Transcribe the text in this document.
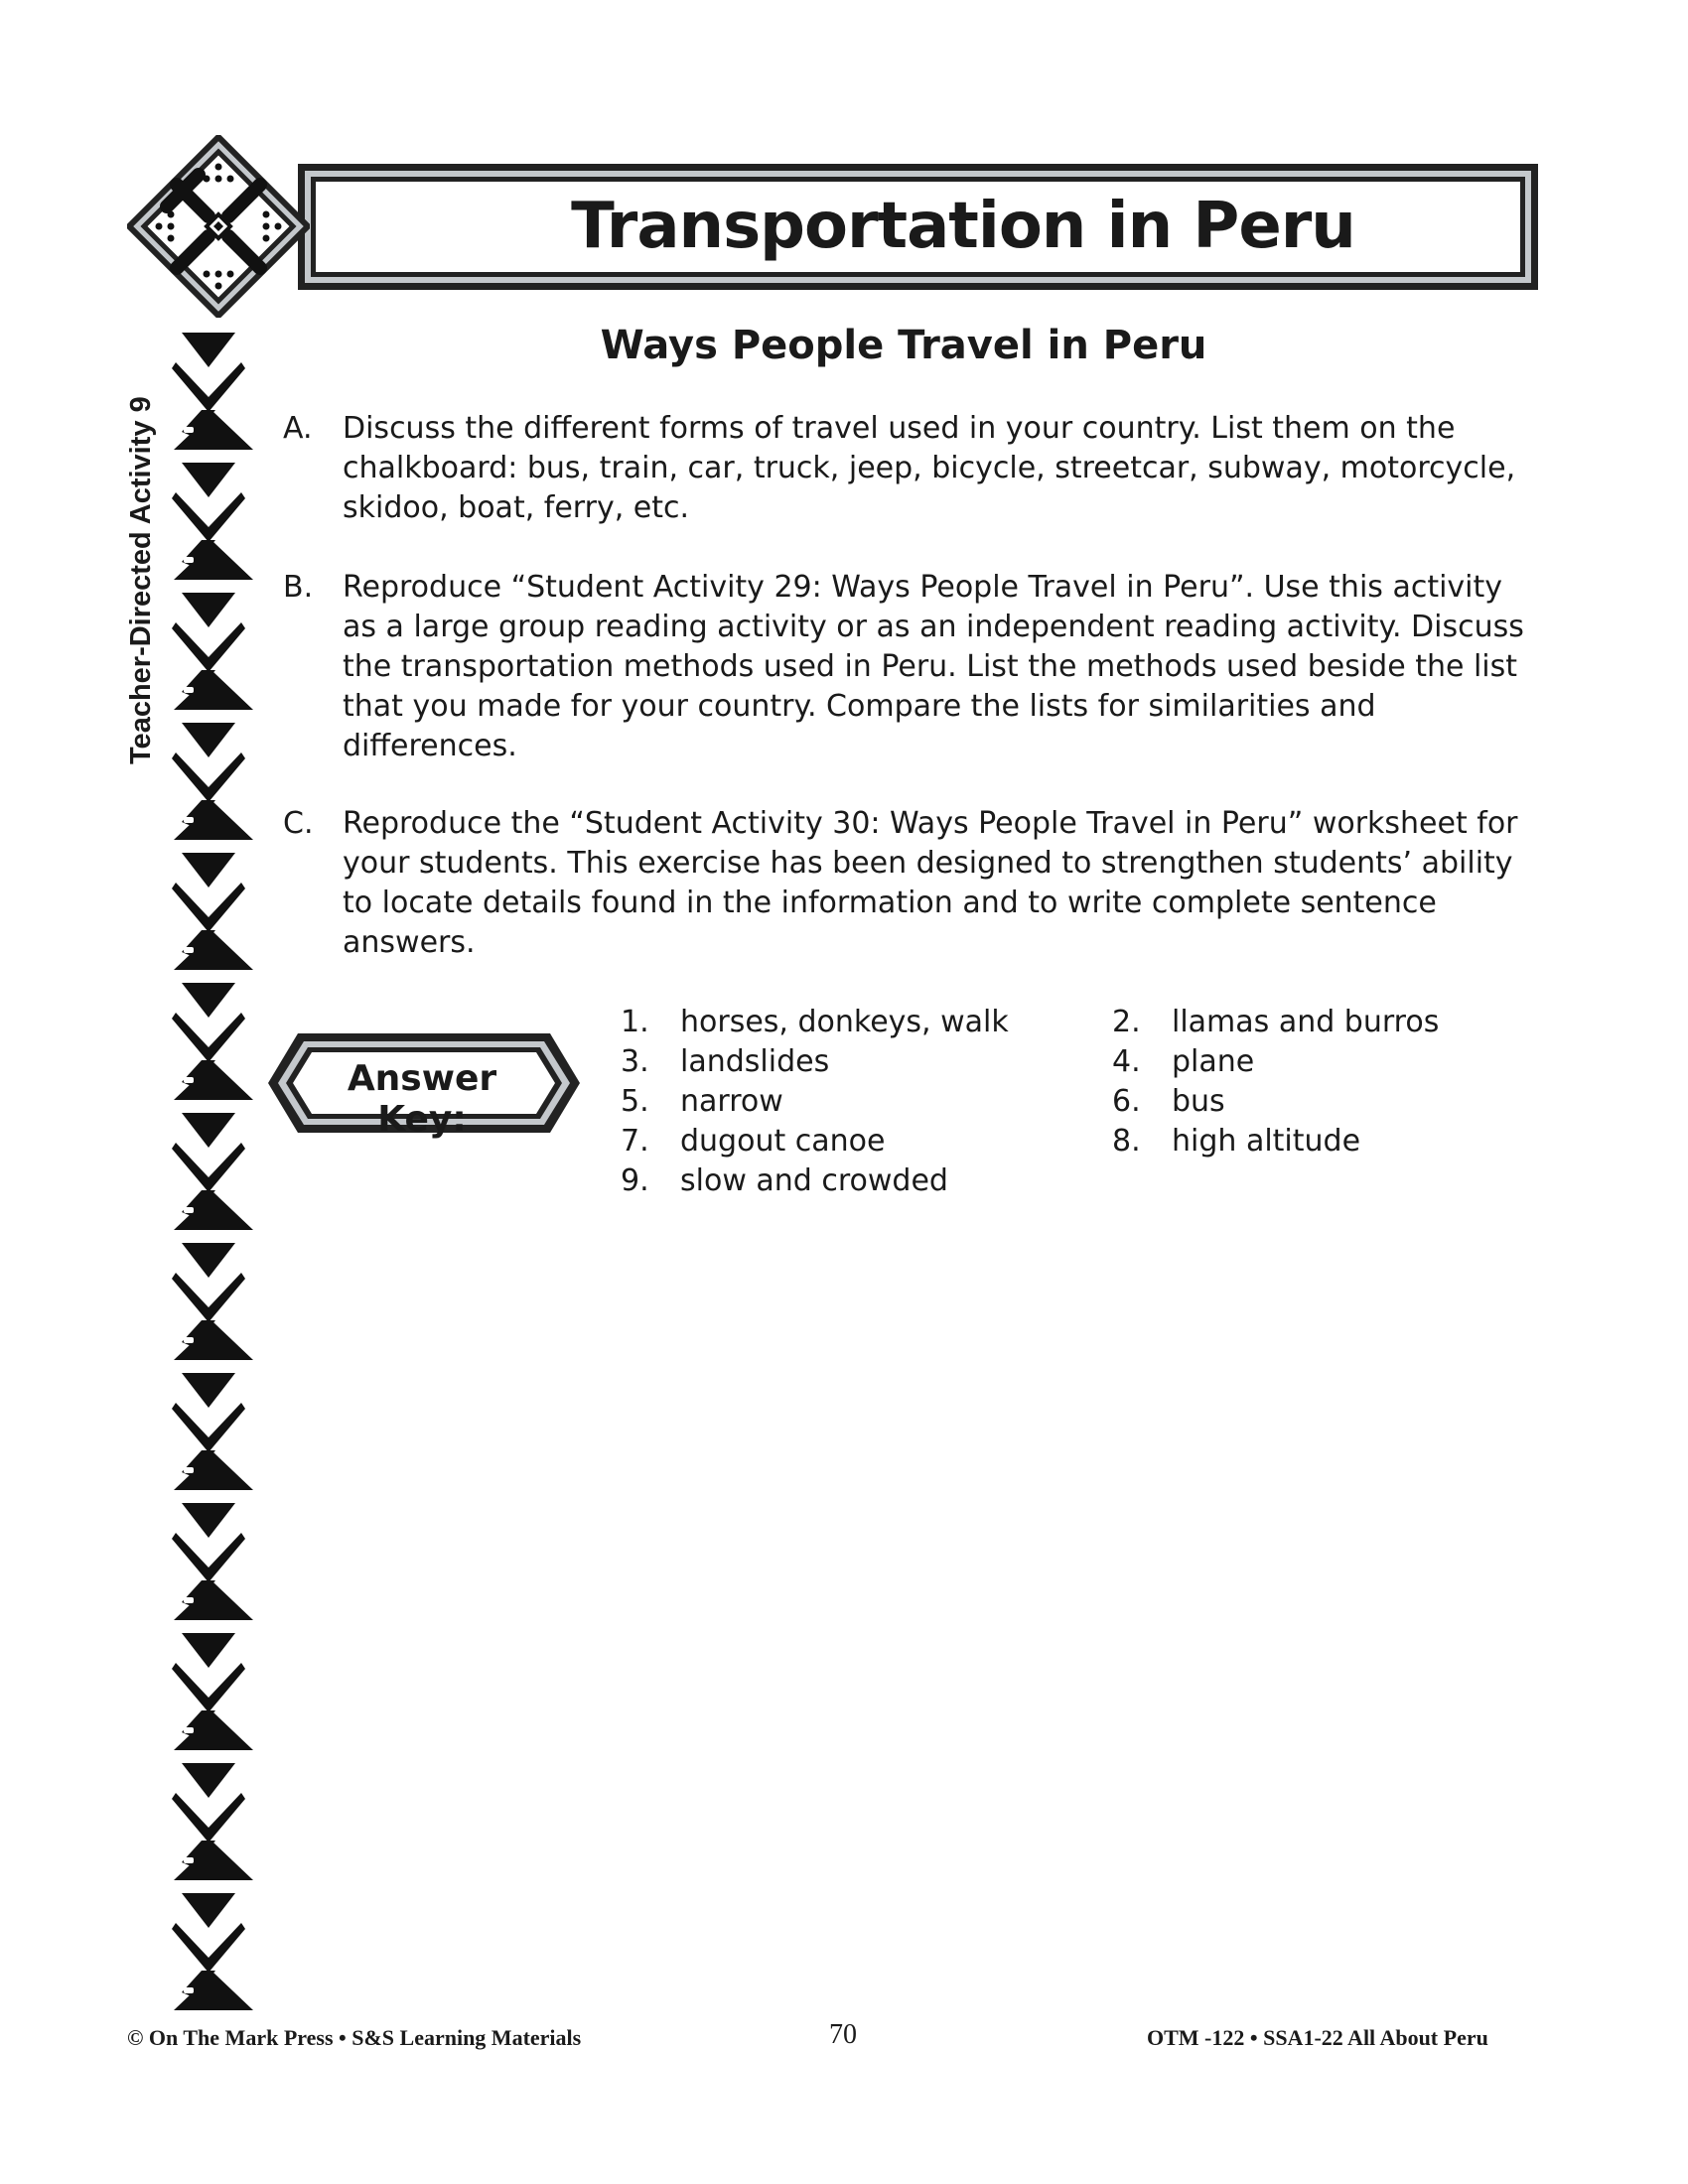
Transportation in Peru
Teacher-Directed Activity 9
Ways People Travel in Peru
A. Discuss the different forms of travel used in your country. List them on the chalkboard: bus, train, car, truck, jeep, bicycle, streetcar, subway, motorcycle, skidoo, boat, ferry, etc.
B. Reproduce “Student Activity 29: Ways People Travel in Peru”. Use this activity as a large group reading activity or as an independent reading activity. Discuss the transportation methods used in Peru. List the methods used beside the list that you made for your country. Compare the lists for similarities and differences.
C. Reproduce the “Student Activity 30: Ways People Travel in Peru” worksheet for your students. This exercise has been designed to strengthen students’ ability to locate details found in the information and to write complete sentence answers.
Answer Key:
1. horses, donkeys, walk	2. llamas and burros
3. landslides	4. plane
5. narrow	6. bus
7. dugout canoe	8. high altitude
9. slow and crowded
© On The Mark Press • S&S Learning Materials	70	OTM -122 • SSA1-22 All About Peru
